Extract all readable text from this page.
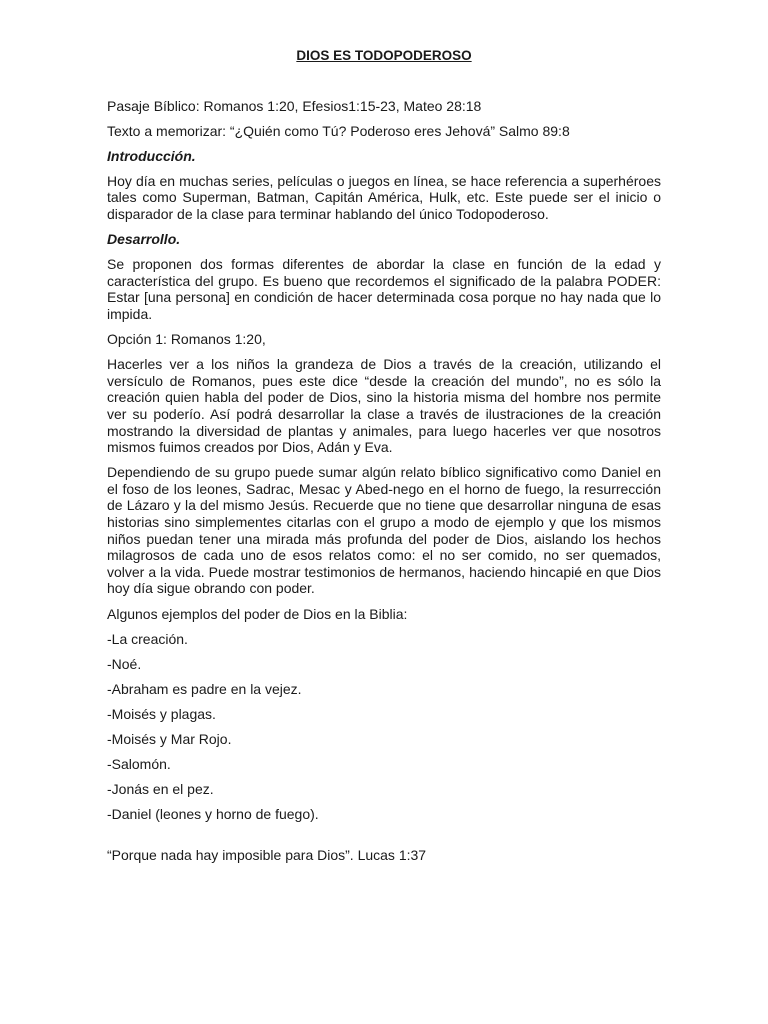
DIOS ES TODOPODEROSO

Pasaje Bíblico: Romanos 1:20, Efesios1:15-23, Mateo 28:18

Texto a memorizar: “¿Quién como Tú? Poderoso eres Jehová” Salmo 89:8

Introducción.

Hoy día en muchas series, películas o juegos en línea, se hace referencia a superhéroes tales como Superman, Batman, Capitán América, Hulk, etc. Este puede ser el inicio o disparador de la clase para terminar hablando del único Todopoderoso.

Desarrollo.

Se proponen dos formas diferentes de abordar la clase en función de la edad y característica del grupo. Es bueno que recordemos el significado de la palabra PODER: Estar [una persona] en condición de hacer determinada cosa porque no hay nada que lo impida.

Opción 1: Romanos 1:20,

Hacerles ver a los niños la grandeza de Dios a través de la creación, utilizando el versículo de Romanos, pues este dice “desde la creación del mundo”, no es sólo la creación quien habla del poder de Dios, sino la historia misma del hombre nos permite ver su poderío. Así podrá desarrollar la clase a través de ilustraciones de la creación mostrando la diversidad de plantas y animales, para luego hacerles ver que nosotros mismos fuimos creados por Dios, Adán y Eva.

Dependiendo de su grupo puede sumar algún relato bíblico significativo como Daniel en el foso de los leones, Sadrac, Mesac y Abed-nego en el horno de fuego, la resurrección de Lázaro y la del mismo Jesús. Recuerde que no tiene que desarrollar ninguna de esas historias sino simplementes citarlas con el grupo a modo de ejemplo y que los mismos niños puedan tener una mirada más profunda del poder de Dios, aislando los hechos milagrosos de cada uno de esos relatos como: el no ser comido, no ser quemados, volver a la vida. Puede mostrar testimonios de hermanos, haciendo hincapié en que Dios hoy día sigue obrando con poder.

Algunos ejemplos del poder de Dios en la Biblia:

-La creación.

-Noé.

-Abraham es padre en la vejez.

-Moisés y plagas.

-Moisés y Mar Rojo.

-Salomón.

-Jonás en el pez.

-Daniel (leones y horno de fuego).

“Porque nada hay imposible para Dios”. Lucas 1:37
